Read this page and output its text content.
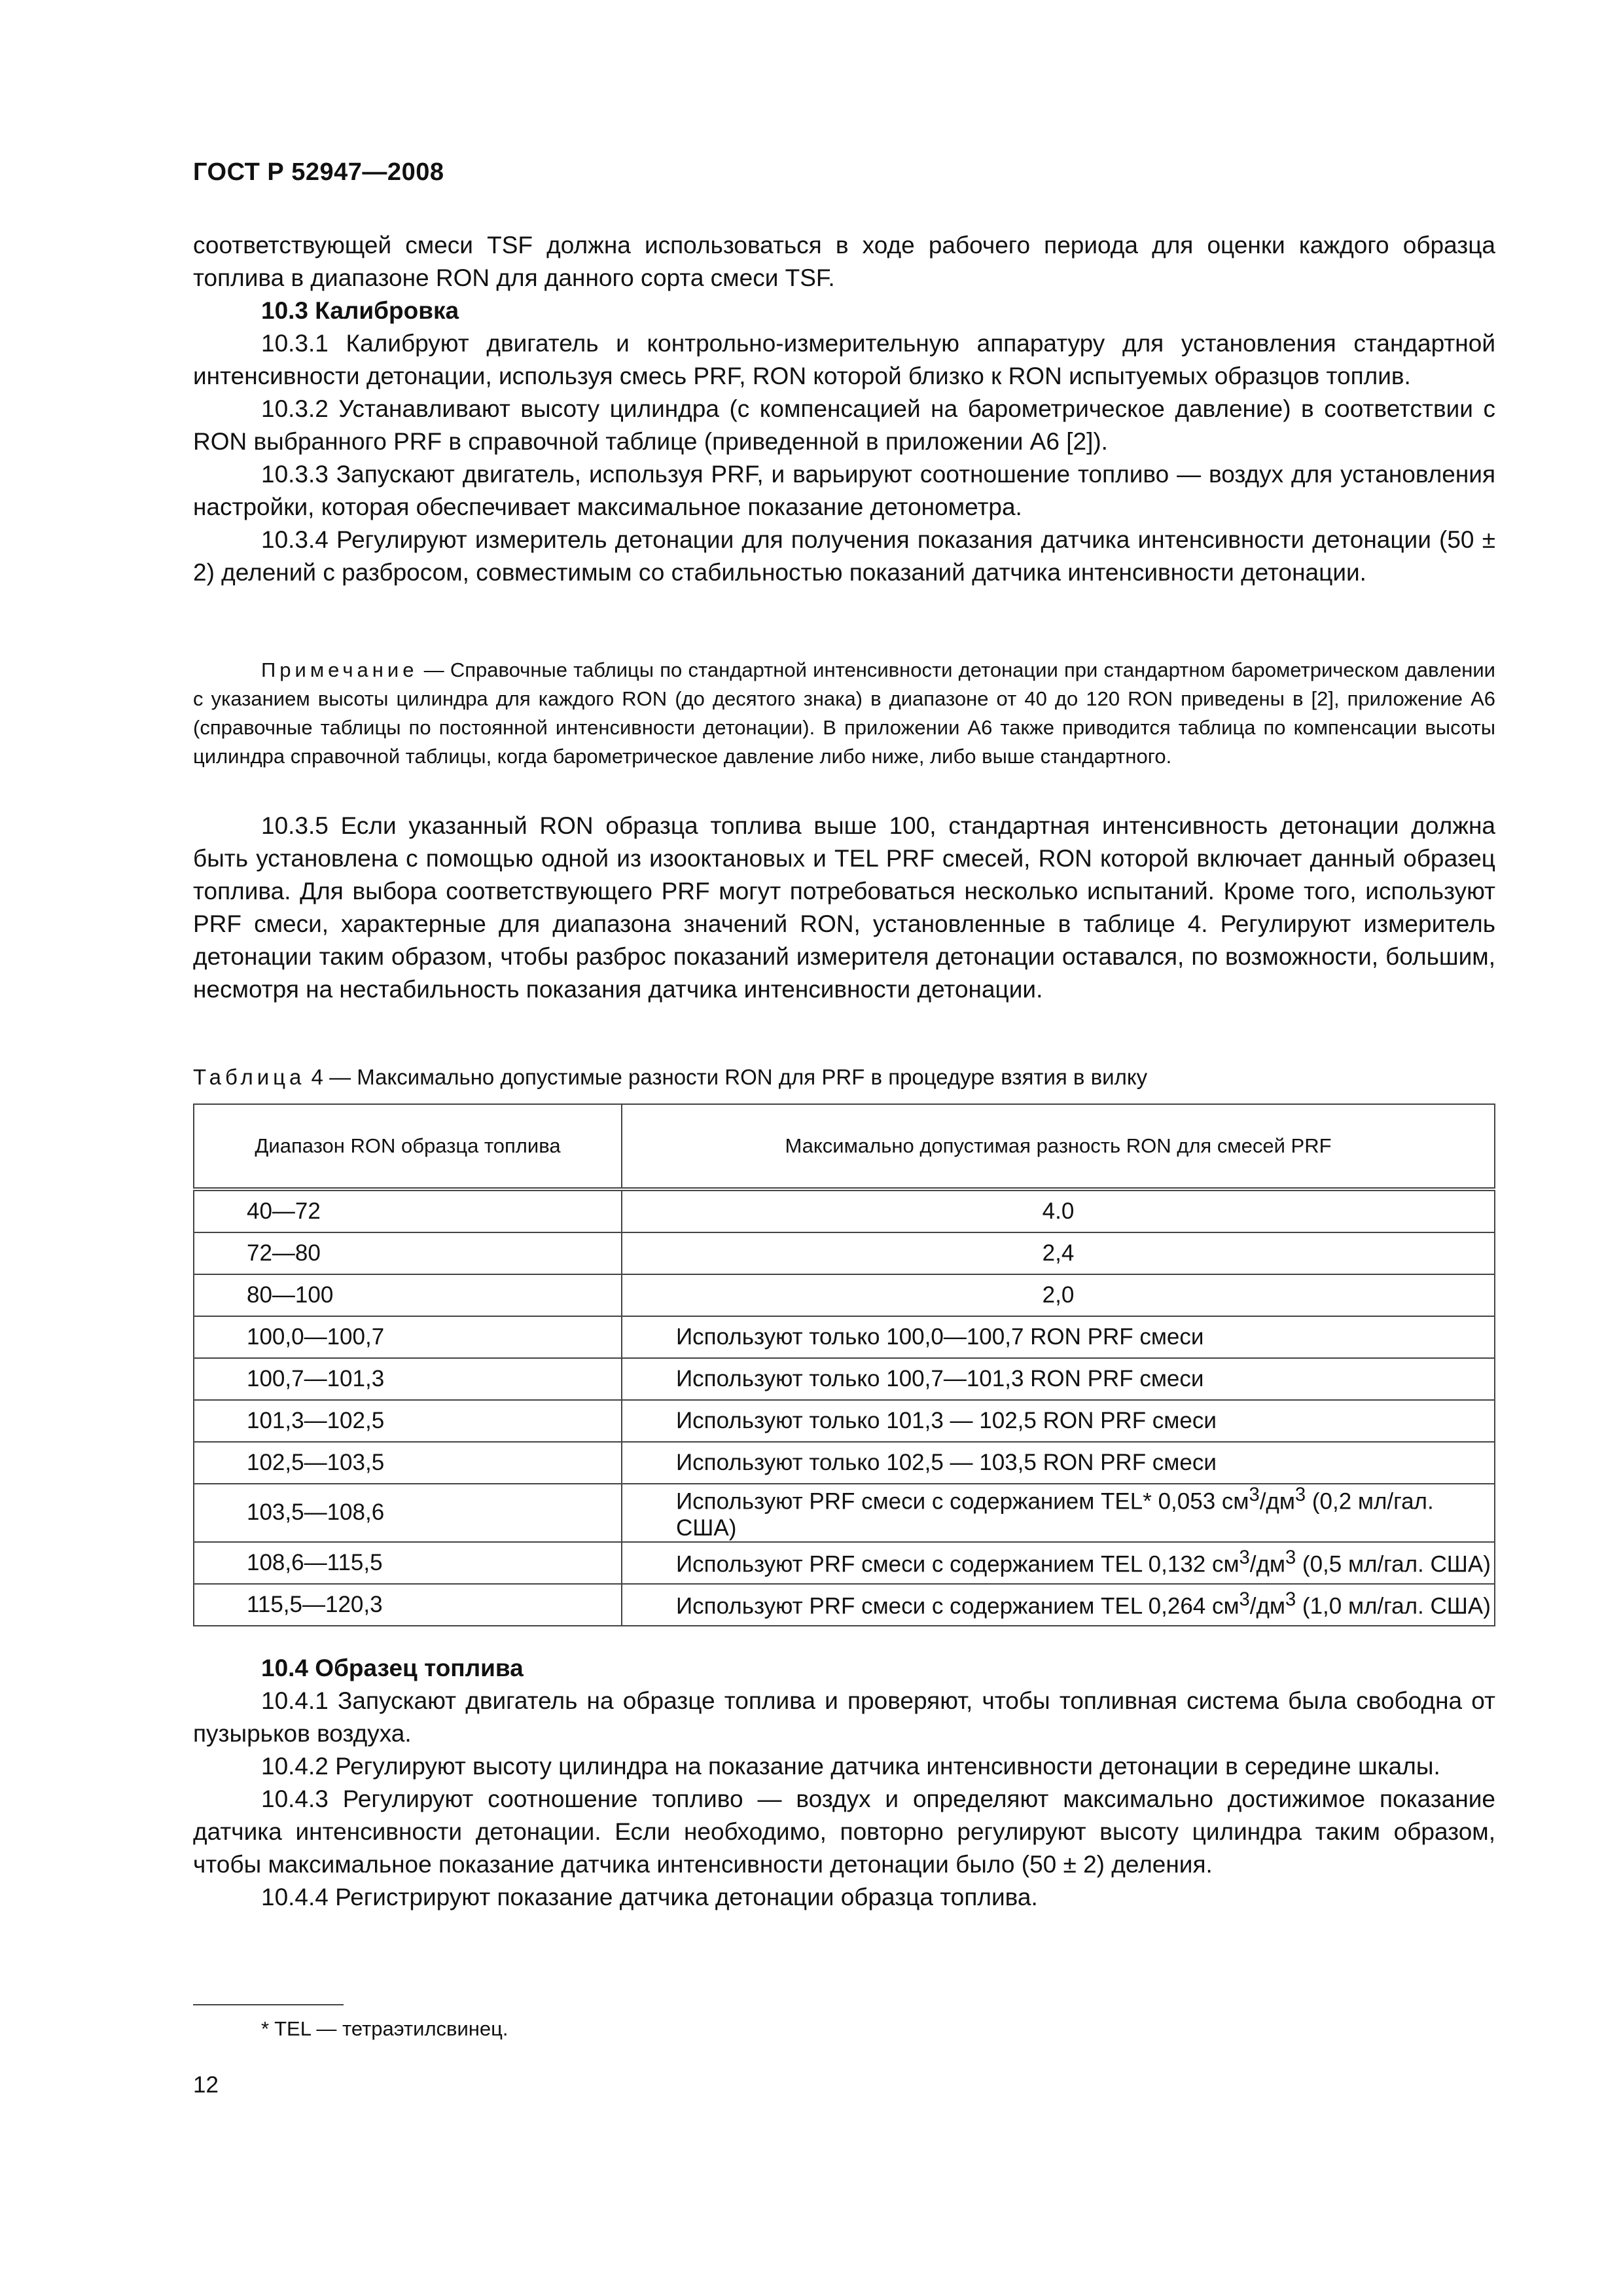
ГОСТ Р 52947—2008

соответствующей смеси TSF должна использоваться в ходе рабочего периода для оценки каждого образца топлива в диапазоне RON для данного сорта смеси TSF.

10.3 Калибровка

10.3.1 Калибруют двигатель и контрольно-измерительную аппаратуру для установления стандартной интенсивности детонации, используя смесь PRF, RON которой близко к RON испытуемых образцов топлив.

10.3.2 Устанавливают высоту цилиндра (с компенсацией на барометрическое давление) в соответствии с RON выбранного PRF в справочной таблице (приведенной в приложении А6 [2]).

10.3.3 Запускают двигатель, используя PRF, и варьируют соотношение топливо — воздух для установления настройки, которая обеспечивает максимальное показание детонометра.

10.3.4 Регулируют измеритель детонации для получения показания датчика интенсивности детонации (50 ± 2) делений с разбросом, совместимым со стабильностью показаний датчика интенсивности детонации.

Примечание — Справочные таблицы по стандартной интенсивности детонации при стандартном барометрическом давлении с указанием высоты цилиндра для каждого RON (до десятого знака) в диапазоне от 40 до 120 RON приведены в [2], приложение А6 (справочные таблицы по постоянной интенсивности детонации). В приложении А6 также приводится таблица по компенсации высоты цилиндра справочной таблицы, когда барометрическое давление либо ниже, либо выше стандартного.

10.3.5 Если указанный RON образца топлива выше 100, стандартная интенсивность детонации должна быть установлена с помощью одной из изооктановых и TEL PRF смесей, RON которой включает данный образец топлива. Для выбора соответствующего PRF могут потребоваться несколько испытаний. Кроме того, используют PRF смеси, характерные для диапазона значений RON, установленные в таблице 4. Регулируют измеритель детонации таким образом, чтобы разброс показаний измерителя детонации оставался, по возможности, большим, несмотря на нестабильность показания датчика интенсивности детонации.

Таблица 4 — Максимально допустимые разности RON для PRF в процедуре взятия в вилку
Диапазон RON образца топлива	Максимально допустимая разность RON для смесей PRF
40—72	4.0
72—80	2,4
80—100	2,0
100,0—100,7	Используют только 100,0—100,7 RON PRF смеси
100,7—101,3	Используют только 100,7—101,3 RON PRF смеси
101,3—102,5	Используют только 101,3 — 102,5 RON PRF смеси
102,5—103,5	Используют только 102,5 — 103,5 RON PRF смеси
103,5—108,6	Используют PRF смеси с содержанием TEL* 0,053 $см^3/дм^3$ (0,2 мл/гал. США)
108,6—115,5	Используют PRF смеси с содержанием TEL 0,132 $см^3/дм^3$ (0,5 мл/гал. США)
115,5—120,3	Используют PRF смеси с содержанием TEL 0,264 $см^3/дм^3$ (1,0 мл/гал. США)

10.4 Образец топлива

10.4.1 Запускают двигатель на образце топлива и проверяют, чтобы топливная система была свободна от пузырьков воздуха.

10.4.2 Регулируют высоту цилиндра на показание датчика интенсивности детонации в середине шкалы.

10.4.3 Регулируют соотношение топливо — воздух и определяют максимально достижимое показание датчика интенсивности детонации. Если необходимо, повторно регулируют высоту цилиндра таким образом, чтобы максимальное показание датчика интенсивности детонации было (50 ± 2) деления.

10.4.4 Регистрируют показание датчика детонации образца топлива.

* TEL — тетраэтилсвинец.
12
